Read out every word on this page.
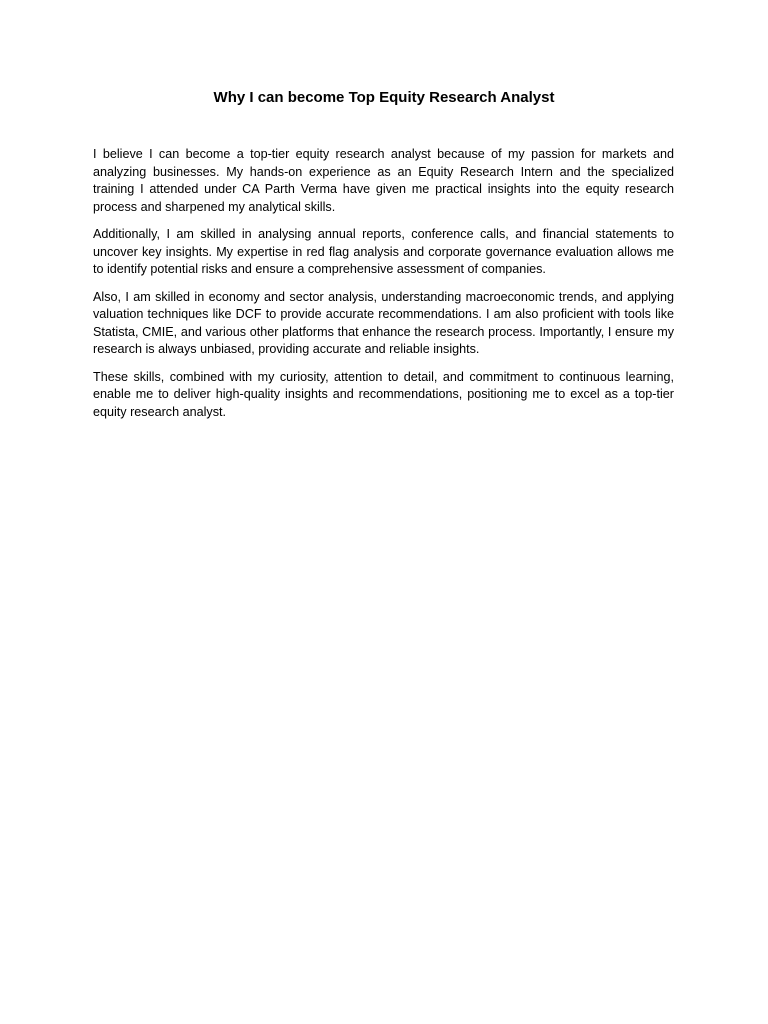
Why I can become Top Equity Research Analyst

I believe I can become a top-tier equity research analyst because of my passion for markets and analyzing businesses. My hands-on experience as an Equity Research Intern and the specialized training I attended under CA Parth Verma have given me practical insights into the equity research process and sharpened my analytical skills.

Additionally, I am skilled in analysing annual reports, conference calls, and financial statements to uncover key insights. My expertise in red flag analysis and corporate governance evaluation allows me to identify potential risks and ensure a comprehensive assessment of companies.

Also, I am skilled in economy and sector analysis, understanding macroeconomic trends, and applying valuation techniques like DCF to provide accurate recommendations. I am also proficient with tools like Statista, CMIE, and various other platforms that enhance the research process. Importantly, I ensure my research is always unbiased, providing accurate and reliable insights.

These skills, combined with my curiosity, attention to detail, and commitment to continuous learning, enable me to deliver high-quality insights and recommendations, positioning me to excel as a top-tier equity research analyst.
